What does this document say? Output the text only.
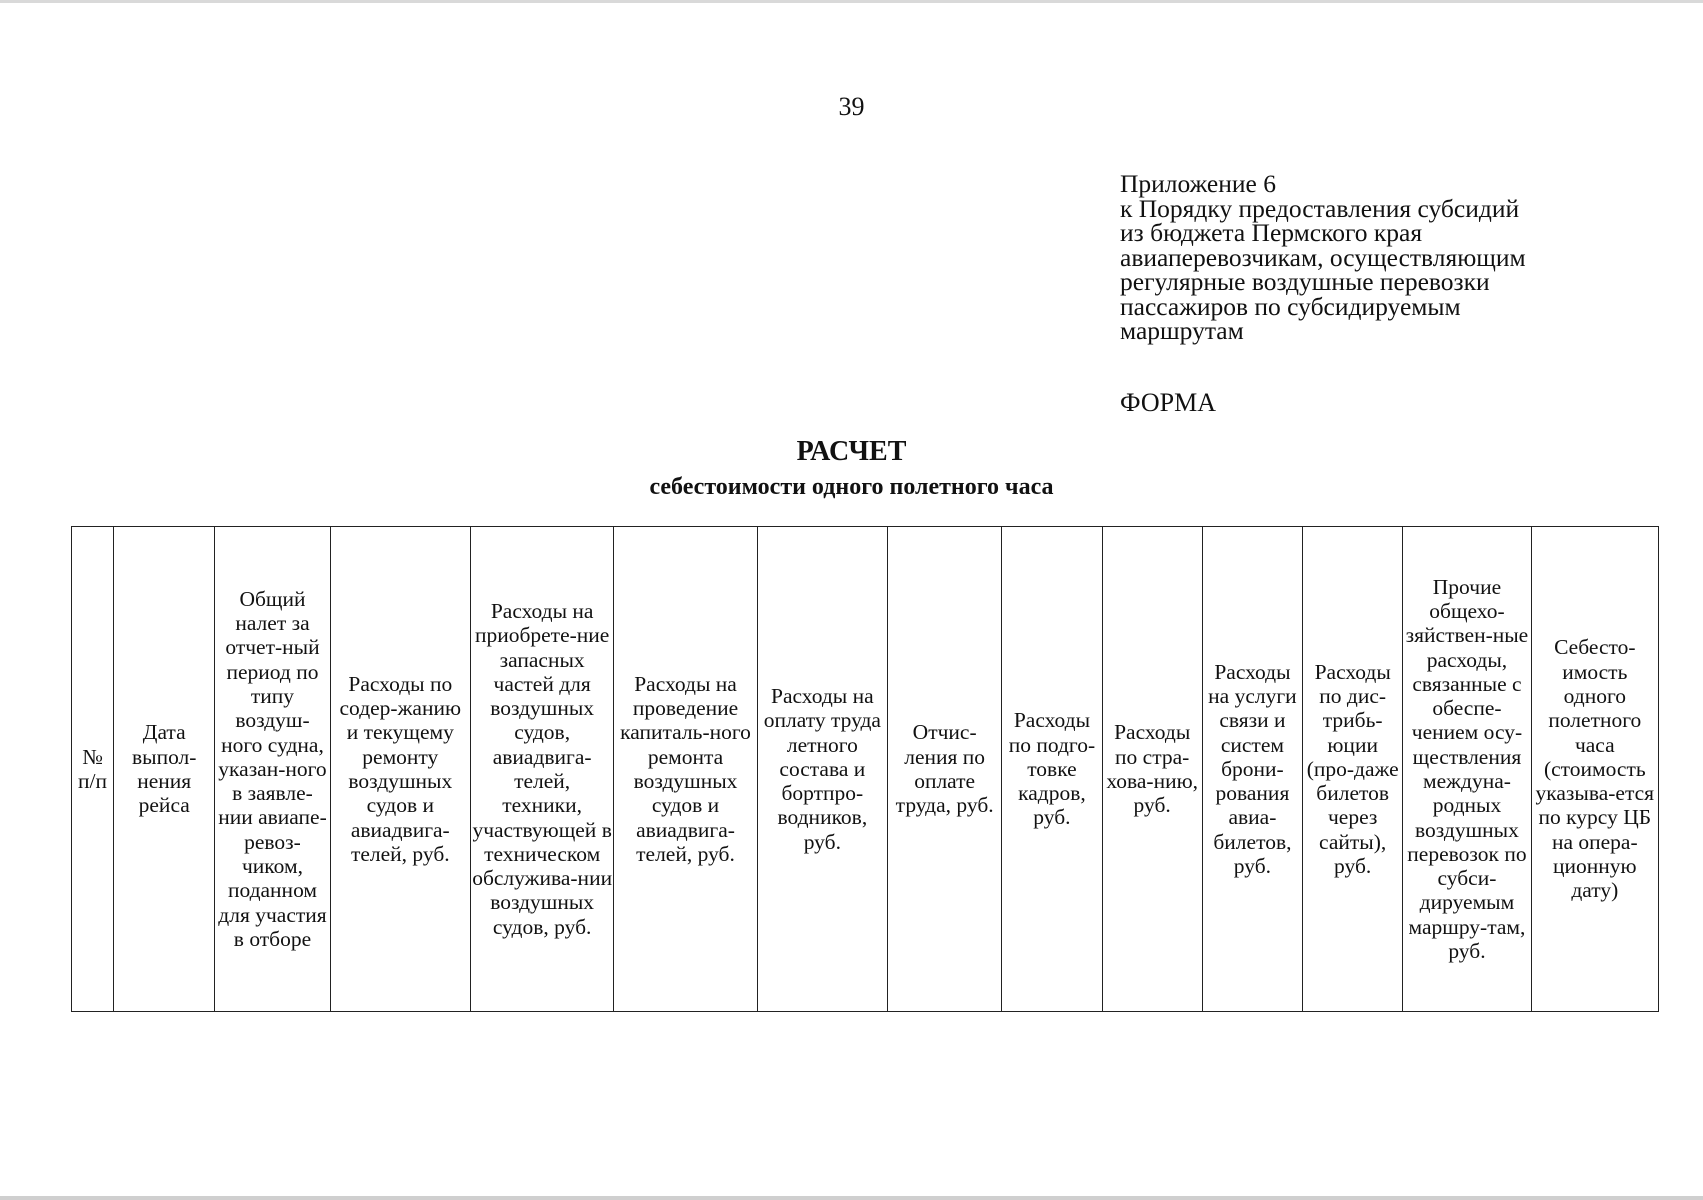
39
Приложение 6
к Порядку предоставления субсидий
из бюджета Пермского края
авиаперевозчикам, осуществляющим
регулярные воздушные перевозки
пассажиров по субсидируемым
маршрутам
ФОРМА
РАСЧЕТ
себестоимости одного полетного часа
№ п/п	Дата выпол-нения рейса	Общий налет за отчет-ный период по типу воздуш-ного судна, указан-ного в заявле-нии авиапе-ревоз-чиком, поданном для участия в отборе	Расходы по содер-жанию и текущему ремонту воздушных судов и авиадвига-телей, руб.	Расходы на приобрете-ние запасных частей для воздушных судов, авиадвига-телей, техники, участвующей в техническом обслужива-нии воздушных судов, руб.	Расходы на проведение капиталь-ного ремонта воздушных судов и авиадвига-телей, руб.	Расходы на оплату труда летного состава и бортпро-водников, руб.	Отчис-ления по оплате труда, руб.	Расходы по подго-товке кадров, руб.	Расходы по стра-хова-нию, руб.	Расходы на услуги связи и систем брони-рования авиа-билетов, руб.	Расходы по дис-трибь-юции (про-даже билетов через сайты), руб.	Прочие общехо-зяйствен-ные расходы, связанные с обеспе-чением осу-ществления междуна-родных воздушных перевозок по субси-дируемым маршру-там, руб.	Себесто-имость одного полетного часа (стоимость указыва-ется по курсу ЦБ на опера-ционную дату)
